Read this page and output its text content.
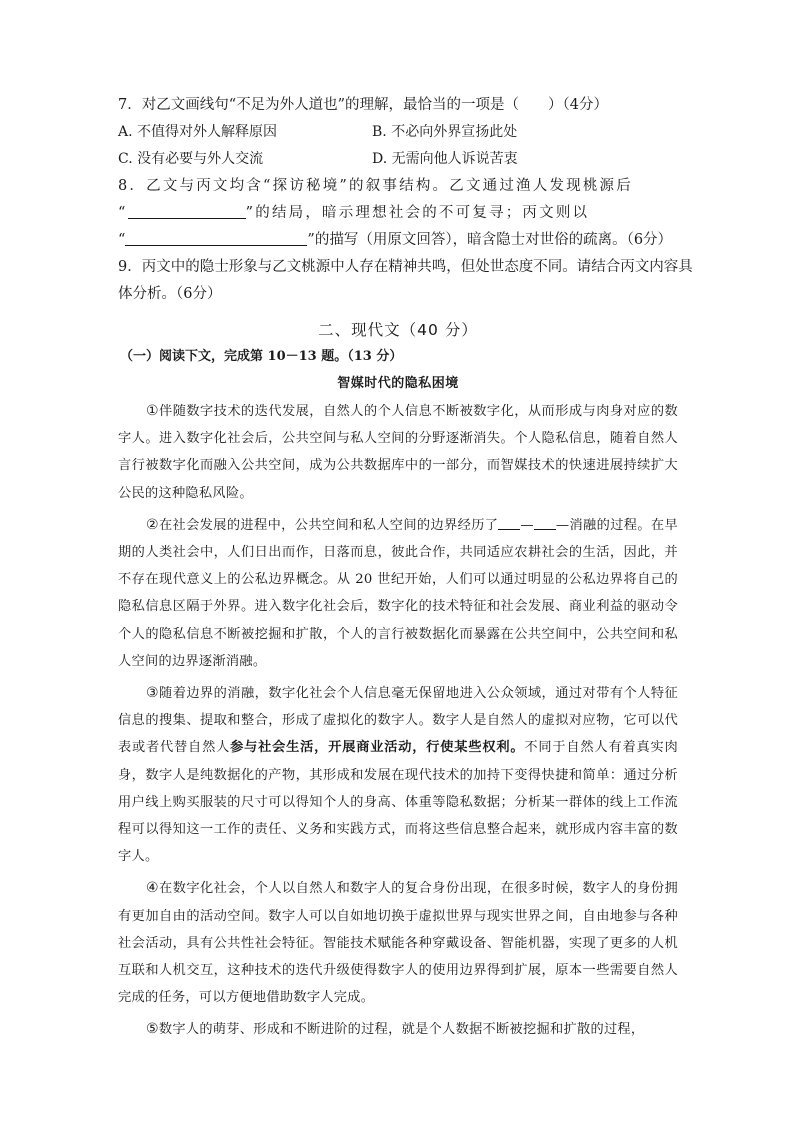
7．对乙文画线句“不足为外人道也”的理解，最恰当的一项是（　　）（4分）

A. 不值得对外人解释原因	B. 不必向外界宣扬此处
C. 没有必要与外人交流	D. 无需向他人诉说苦衷
8．乙文与丙文均含“探访秘境”的叙事结构。乙文通过渔人发现桃源后
“	”的结局，暗示理想社会的不可复寻；丙文则以
“	”的描写（用原文回答），暗含隐士对世俗的疏离。（6分）

9．丙文中的隐士形象与乙文桃源中人存在精神共鸣，但处世态度不同。请结合丙文内容具

体分析。（6分）

二、现代文（40 分）
（一）阅读下文，完成第 10－13 题。（13 分）
智媒时代的隐私困境

①伴随数字技术的迭代发展，自然人的个人信息不断被数字化，从而形成与肉身对应的数字人。进入数字化社会后，公共空间与私人空间的分野逐渐消失。个人隐私信息，随着自然人言行被数字化而融入公共空间，成为公共数据库中的一部分，而智媒技术的快速进展持续扩大公民的这种隐私风险。

②在社会发展的进程中，公共空间和私人空间的边界经历了 — —消融的过程。在早期的人类社会中，人们日出而作，日落而息，彼此合作，共同适应农耕社会的生活，因此，并不存在现代意义上的公私边界概念。从 20 世纪开始，人们可以通过明显的公私边界将自己的隐私信息区隔于外界。进入数字化社会后，数字化的技术特征和社会发展、商业利益的驱动令个人的隐私信息不断被挖掘和扩散，个人的言行被数据化而暴露在公共空间中，公共空间和私人空间的边界逐渐消融。

③随着边界的消融，数字化社会个人信息毫无保留地进入公众领域，通过对带有个人特征信息的搜集、提取和整合，形成了虚拟化的数字人。数字人是自然人的虚拟对应物，它可以代表或者代替自然人参与社会生活，开展商业活动，行使某些权利。不同于自然人有着真实肉身，数字人是纯数据化的产物，其形成和发展在现代技术的加持下变得快捷和简单：通过分析用户线上购买服装的尺寸可以得知个人的身高、体重等隐私数据；分析某一群体的线上工作流程可以得知这一工作的责任、义务和实践方式，而将这些信息整合起来，就形成内容丰富的数字人。

④在数字化社会，个人以自然人和数字人的复合身份出现，在很多时候，数字人的身份拥有更加自由的活动空间。数字人可以自如地切换于虚拟世界与现实世界之间，自由地参与各种社会活动，具有公共性社会特征。智能技术赋能各种穿戴设备、智能机器，实现了更多的人机互联和人机交互，这种技术的迭代升级使得数字人的使用边界得到扩展，原本一些需要自然人完成的任务，可以方便地借助数字人完成。

⑤数字人的萌芽、形成和不断进阶的过程，就是个人数据不断被挖掘和扩散的过程，
